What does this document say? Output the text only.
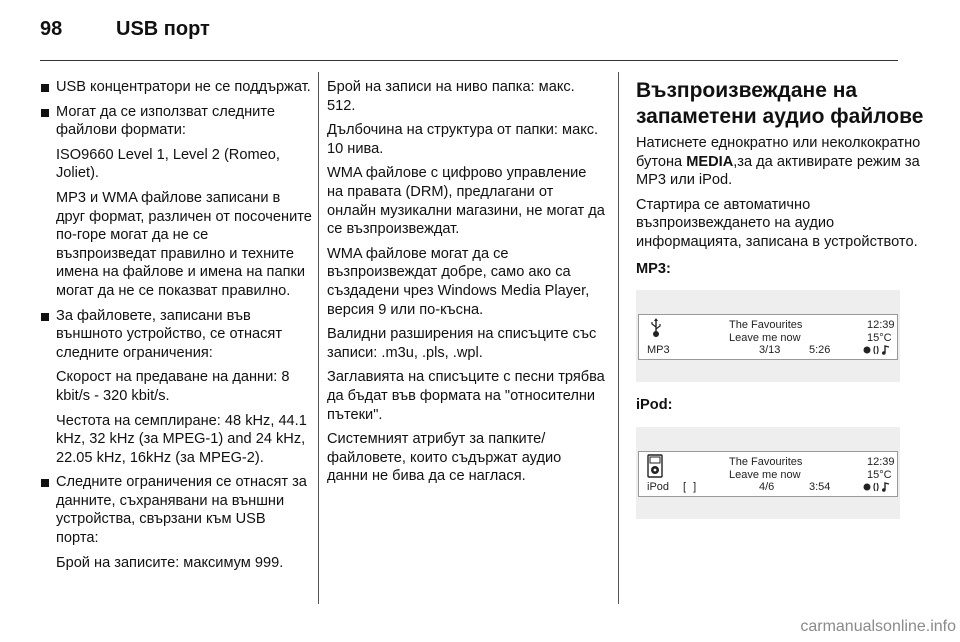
98	USB порт
USB концентратори не се поддържат.
Могат да се използват следните файлови формати:
ISO9660 Level 1, Level 2 (Romeo, Joliet).
MP3 и WMA файлове записани в друг формат, различен от посочените по-горе могат да не се възпроизведат правилно и техните имена на файлове и имена на папки могат да не се показват правилно.
За файловете, записани във външното устройство, се отнасят следните ограничения:
Скорост на предаване на данни: 8 kbit/s - 320 kbit/s.
Честота на семплиране: 48 kHz, 44.1 kHz, 32 kHz (за MPEG-1) and 24 kHz, 22.05 kHz, 16kHz (за MPEG-2).
Следните ограничения се отнасят за данните, съхранявани на външни устройства, свързани към USB порта:
Брой на записите: максимум 999.

Брой на записи на ниво папка: макс. 512.

Дълбочина на структура от папки: макс. 10 нива.

WMA файлове с цифрово управление на правата (DRM), предлагани от онлайн музикални магазини, не могат да се възпроизвеждат.

WMA файлове могат да се възпроизвеждат добре, само ако са създадени чрез Windows Media Player, версия 9 или по-късна.

Валидни разширения на списъците със записи: .m3u, .pls, .wpl.

Заглавията на списъците с песни трябва да бъдат във формата на "относителни пътеки".

Системният атрибут за папките/файловете, които съдържат аудио данни не бива да се наглася.

Възпроизвеждане на запаметени аудио файлове

Натиснете еднократно или неколкократно бутона MEDIA,за да активирате режим за MP3 или iPod.

Стартира се автоматично възпроизвеждането на аудио информацията, записана в устройството.

MP3:
The Favourites	12:39
Leave me now	15°C
MP3	3/13	5:26
iPod:
The Favourites	12:39
Leave me now	15°C
iPod [ ]	4/6	3:54
carmanualsonline.info
